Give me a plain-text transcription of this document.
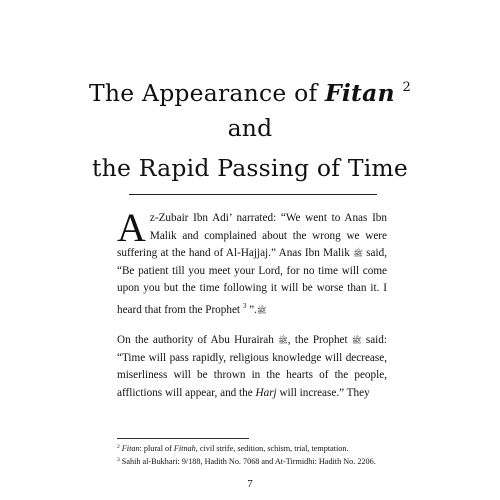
The Appearance of Fitan $^2$
and
the Rapid Passing of Time

Az-Zubair Ibn Adi’ narrated: “We went to Anas Ibn Malik and complained about the wrong we were suffering at the hand of Al-Hajjaj.” Anas Ibn Malik ﷺ said, “Be patient till you meet your Lord, for no time will come upon you but the time following it will be worse than it. I heard that from the Prophet ﷺ.” $^3$

On the authority of Abu Hurairah ﷺ, the Prophet ﷺ said: “Time will pass rapidly, religious knowledge will decrease, miserliness will be thrown in the hearts of the people, afflictions will appear, and the Harj will increase.” They

$^2$ Fitan: plural of Fitnah, civil strife, sedition, schism, trial, temptation.
$^3$ Sahih al-Bukhari: 9/188, Hadith No. 7068 and At-Tirmidhi: Hadith No. 2206.
7
